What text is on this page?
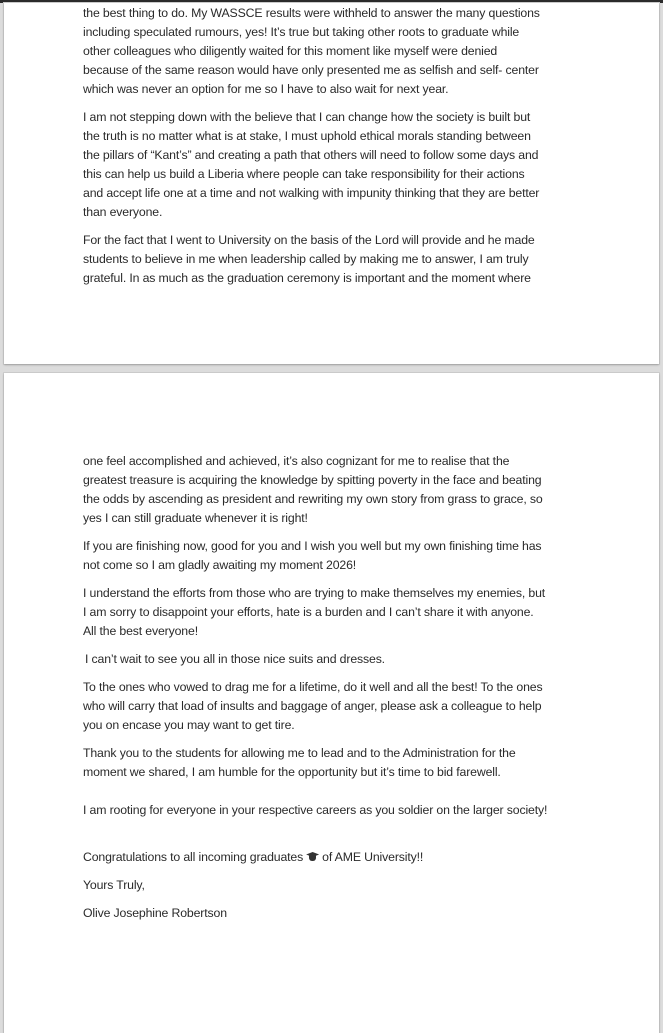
the best thing to do. My WASSCE results were withheld to answer the many questions
including speculated rumours, yes! It’s true but taking other roots to graduate while
other colleagues who diligently waited for this moment like myself were denied
because of the same reason would have only presented me as selfish and self- center
which was never an option for me so I have to also wait for next year.

I am not stepping down with the believe that I can change how the society is built but
the truth is no matter what is at stake, I must uphold ethical morals standing between
the pillars of “Kant’s” and creating a path that others will need to follow some days and
this can help us build a Liberia where people can take responsibility for their actions
and accept life one at a time and not walking with impunity thinking that they are better
than everyone.

For the fact that I went to University on the basis of the Lord will provide and he made
students to believe in me when leadership called by making me to answer, I am truly
grateful. In as much as the graduation ceremony is important and the moment where

one feel accomplished and achieved, it’s also cognizant for me to realise that the
greatest treasure is acquiring the knowledge by spitting poverty in the face and beating
the odds by ascending as president and rewriting my own story from grass to grace, so
yes I can still graduate whenever it is right!

If you are finishing now, good for you and I wish you well but my own finishing time has
not come so I am gladly awaiting my moment 2026!

I understand the efforts from those who are trying to make themselves my enemies, but
I am sorry to disappoint your efforts, hate is a burden and I can’t share it with anyone.
All the best everyone!

I can’t wait to see you all in those nice suits and dresses.

To the ones who vowed to drag me for a lifetime, do it well and all the best! To the ones
who will carry that load of insults and baggage of anger, please ask a colleague to help
you on encase you may want to get tire.

Thank you to the students for allowing me to lead and to the Administration for the
moment we shared, I am humble for the opportunity but it’s time to bid farewell.

I am rooting for everyone in your respective careers as you soldier on the larger society!

Congratulations to all incoming graduates of AME University!!

Yours Truly,

Olive Josephine Robertson
